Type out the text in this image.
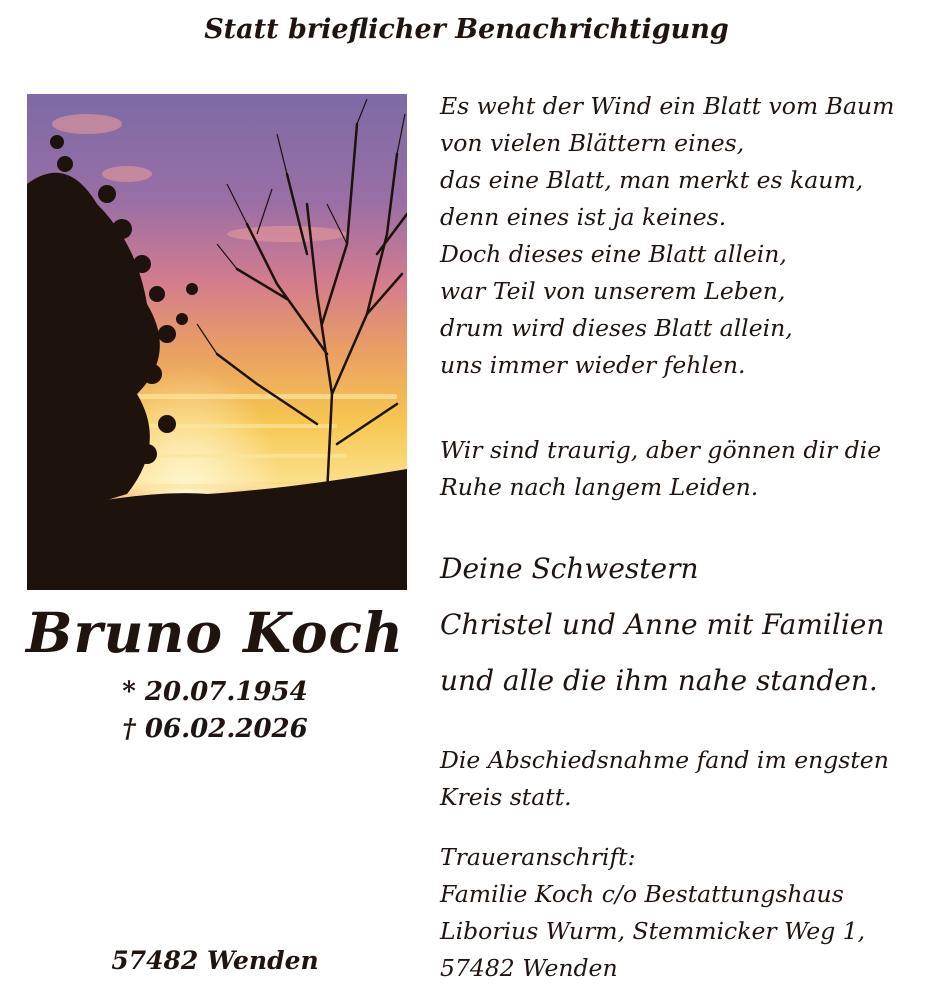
Statt brieflicher Benachrichtigung
Bruno Koch
* 20.07.1954
† 06.02.2026
57482 Wenden
Es weht der Wind ein Blatt vom Baum
von vielen Blättern eines,
das eine Blatt, man merkt es kaum,
denn eines ist ja keines.
Doch dieses eine Blatt allein,
war Teil von unserem Leben,
drum wird dieses Blatt allein,
uns immer wieder fehlen.
Wir sind traurig, aber gönnen dir die
Ruhe nach langem Leiden.
Deine Schwestern
Christel und Anne mit Familien
und alle die ihm nahe standen.
Die Abschiedsnahme fand im engsten
Kreis statt.
Traueranschrift:
Familie Koch c/o Bestattungshaus
Liborius Wurm, Stemmicker Weg 1,
57482 Wenden
